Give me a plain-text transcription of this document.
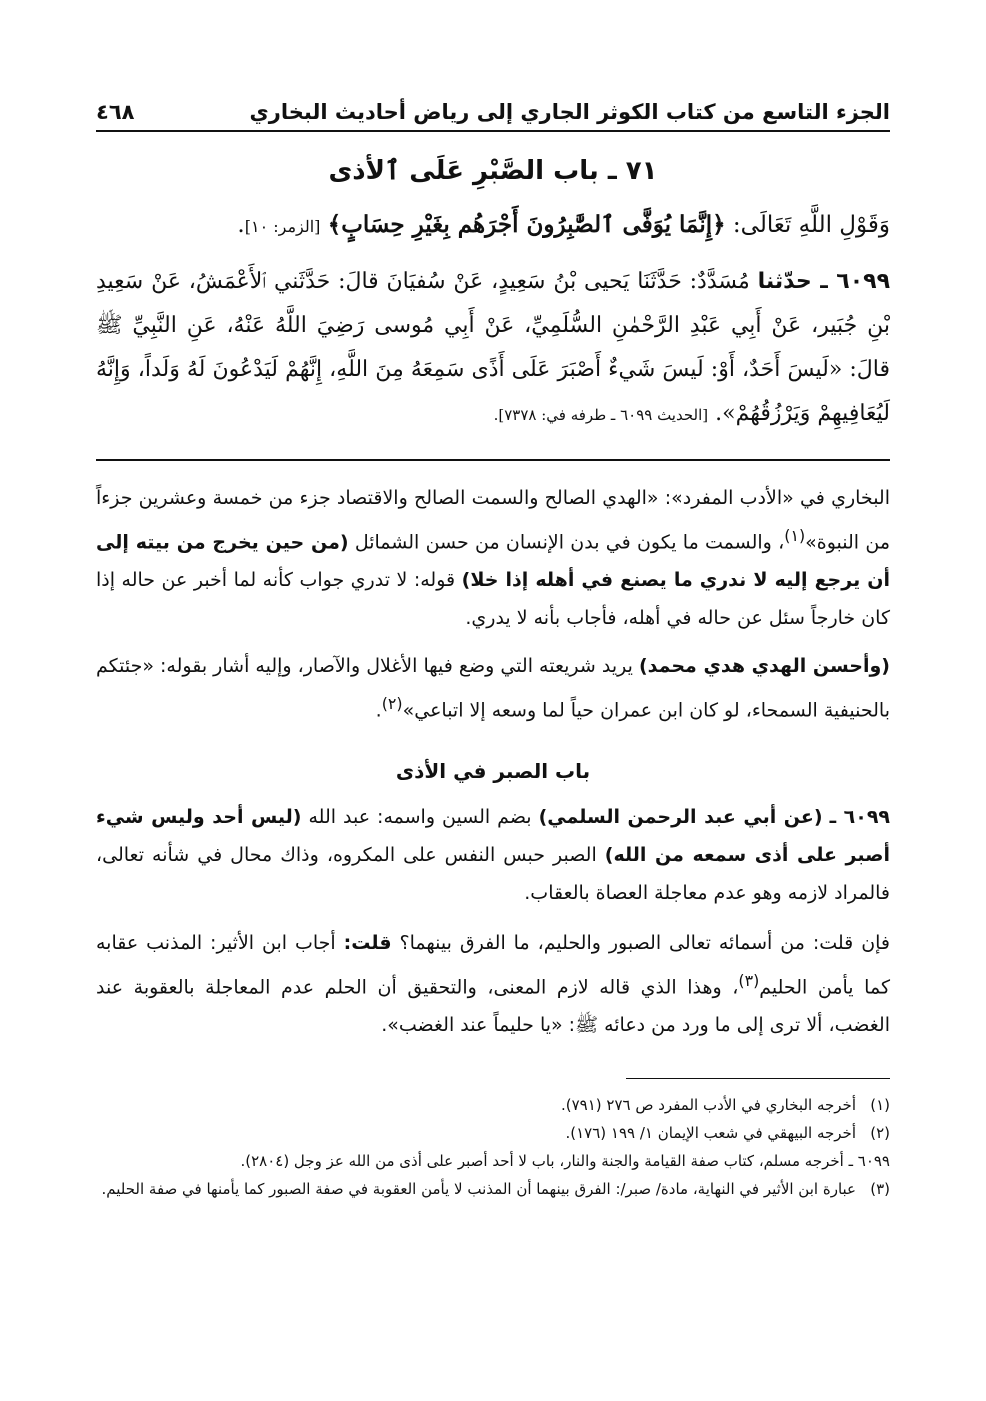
الجزء التاسع من كتاب الكوثر الجاري إلى رياض أحاديث البخاري
٤٦٨
٧١ ـ باب الصَّبْرِ عَلَى ٱلأذى
وَقَوْلِ اللَّهِ تَعَالَى: ﴿إِنَّمَا يُوَفَّى ٱلصَّٰبِرُونَ أَجْرَهُم بِغَيْرِ حِسَابٍ﴾ [الزمر: ١٠].
٦٠٩٩ ـ حدّثنا مُسَدَّدٌ: حَدَّثَنَا يَحيى بْنُ سَعِيدٍ، عَنْ سُفيَانَ قالَ: حَدَّثَني ٱلأَعْمَشُ، عَنْ سَعِيدِ بْنِ جُبَير، عَنْ أَبِي عَبْدِ الرَّحْمٰنِ السُّلَمِيِّ، عَنْ أَبِي مُوسى رَضِيَ اللَّهُ عَنْهُ، عَنِ النَّبِيِّ ﷺ قالَ: «لَيسَ أَحَدٌ، أَوْ: لَيسَ شَيءٌ أَصْبَرَ عَلَى أَذًى سَمِعَهُ مِنَ اللَّهِ، إِنَّهُمْ لَيَدْعُونَ لَهُ وَلَداً، وَإِنَّهُ لَيُعَافِيهِمْ وَيَرْزُقُهُمْ». [الحديث ٦٠٩٩ ـ طرفه في: ٧٣٧٨].

البخاري في «الأدب المفرد»: «الهدي الصالح والسمت الصالح والاقتصاد جزء من خمسة وعشرين جزءاً من النبوة»$^{(١)}$، والسمت ما يكون في بدن الإنسان من حسن الشمائل (من حين يخرج من بيته إلى أن يرجع إليه لا ندري ما يصنع في أهله إذا خلا) قوله: لا تدري جواب كأنه لما أخبر عن حاله إذا كان خارجاً سئل عن حاله في أهله، فأجاب بأنه لا يدري.

(وأحسن الهدي هدي محمد) يريد شريعته التي وضع فيها الأغلال والآصار، وإليه أشار بقوله: «جئتكم بالحنيفية السمحاء، لو كان ابن عمران حياً لما وسعه إلا اتباعي»$^{(٢)}$.

باب الصبر في الأذى

٦٠٩٩ ـ (عن أبي عبد الرحمن السلمي) بضم السين واسمه: عبد الله (ليس أحد وليس شيء أصبر على أذى سمعه من الله) الصبر حبس النفس على المكروه، وذاك محال في شأنه تعالى، فالمراد لازمه وهو عدم معاجلة العصاة بالعقاب.

فإن قلت: من أسمائه تعالى الصبور والحليم، ما الفرق بينهما؟ قلت: أجاب ابن الأثير: المذنب عقابه كما يأمن الحليم$^{(٣)}$، وهذا الذي قاله لازم المعنى، والتحقيق أن الحلم عدم المعاجلة بالعقوبة عند الغضب، ألا ترى إلى ما ورد من دعائه ﷺ: «يا حليماً عند الغضب».

(١)أخرجه البخاري في الأدب المفرد ص ٢٧٦ (٧٩١).
(٢)أخرجه البيهقي في شعب الإيمان ١/ ١٩٩ (١٧٦).
٦٠٩٩ ـ أخرجه مسلم، كتاب صفة القيامة والجنة والنار، باب لا أحد أصبر على أذى من الله عز وجل (٢٨٠٤).
(٣)عبارة ابن الأثير في النهاية، مادة/ صبر/: الفرق بينهما أن المذنب لا يأمن العقوبة في صفة الصبور كما يأمنها في صفة الحليم.
